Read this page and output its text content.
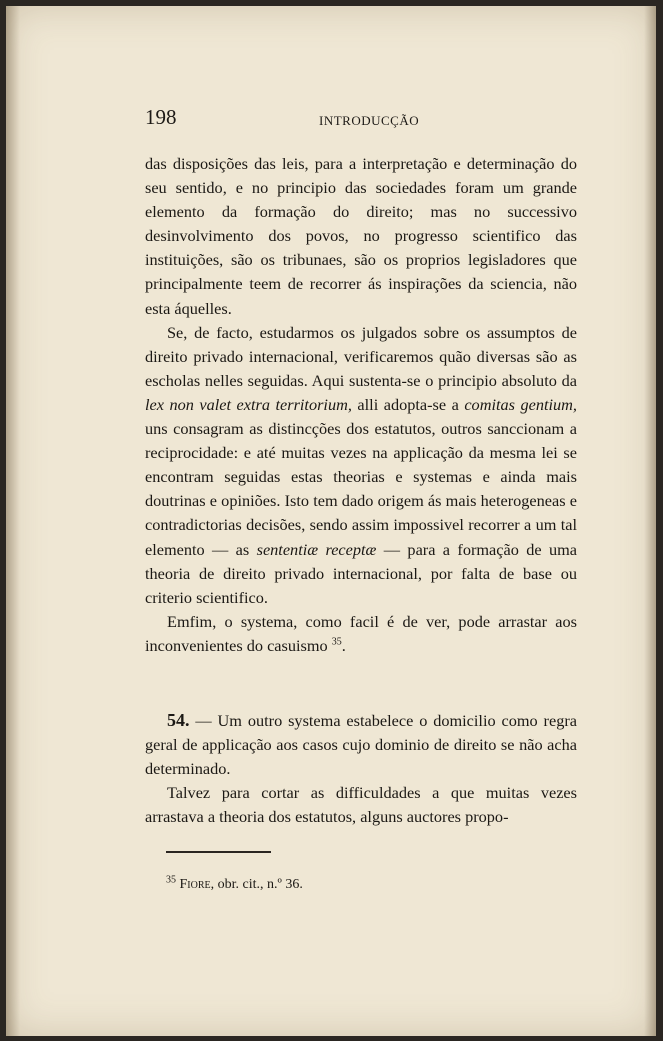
198	INTRODUCÇÃO

das disposições das leis, para a interpretação e determinação do seu sentido, e no principio das sociedades foram um grande elemento da formação do direito; mas no successivo desinvolvimento dos povos, no progresso scientifico das instituições, são os tribunaes, são os proprios legisladores que principalmente teem de recorrer ás inspirações da sciencia, não esta áquelles.

Se, de facto, estudarmos os julgados sobre os assumptos de direito privado internacional, verificaremos quão diversas são as escholas nelles seguidas. Aqui sustenta-se o principio absoluto da lex non valet extra territorium, alli adopta-se a comitas gentium, uns consagram as distincções dos estatutos, outros sanccionam a reciprocidade: e até muitas vezes na applicação da mesma lei se encontram seguidas estas theorias e systemas e ainda mais doutrinas e opiniões. Isto tem dado origem ás mais heterogeneas e contradictorias decisões, sendo assim impossivel recorrer a um tal elemento — as sententiæ receptæ — para a formação de uma theoria de direito privado internacional, por falta de base ou criterio scientifico.

Emfim, o systema, como facil é de ver, pode arrastar aos inconvenientes do casuismo $^{35}$.

54. — Um outro systema estabelece o domicilio como regra geral de applicação aos casos cujo dominio de direito se não acha determinado.

Talvez para cortar as difficuldades a que muitas vezes arrastava a theoria dos estatutos, alguns auctores propo-

$^{35}$ Fiore, obr. cit., n.º 36.
